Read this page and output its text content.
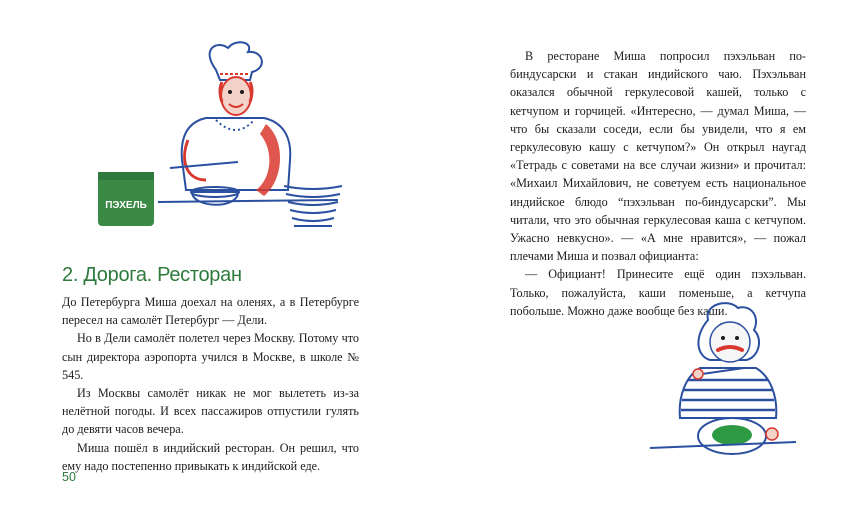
ПЭХЕЛЬ
2. Дорога. Ресторан

До Петербурга Миша доехал на оленях, а в Петербурге пересел на самолёт Петербург — Дели.

Но в Дели самолёт полетел через Москву. Потому что сын директора аэропорта учился в Москве, в школе № 545.

Из Москвы самолёт никак не мог вылететь из-за нелётной погоды. И всех пассажиров отпустили гулять до девяти часов вечера.

Миша пошёл в индийский ресторан. Он решил, что ему надо постепенно привыкать к индийской еде.

50

В ресторане Миша попросил пэхэльван по-биндусарски и стакан индийского чаю. Пэхэльван оказался обычной геркулесовой кашей, только с кетчупом и горчицей. «Интересно, — думал Миша, — что бы сказали соседи, если бы увидели, что я ем геркулесовую кашу с кетчупом?» Он открыл наугад «Тетрадь с советами на все случаи жизни» и прочитал: «Михаил Михайлович, не советуем есть национальное индийское блюдо “пэхэльван по-биндусарски”. Мы читали, что это обычная геркулесовая каша с кетчупом. Ужасно невкусно». — «А мне нравится», — пожал плечами Миша и позвал официанта:

— Официант! Принесите ещё один пэхэльван. Только, пожалуйста, каши поменьше, а кетчупа побольше. Можно даже вообще без каши.
